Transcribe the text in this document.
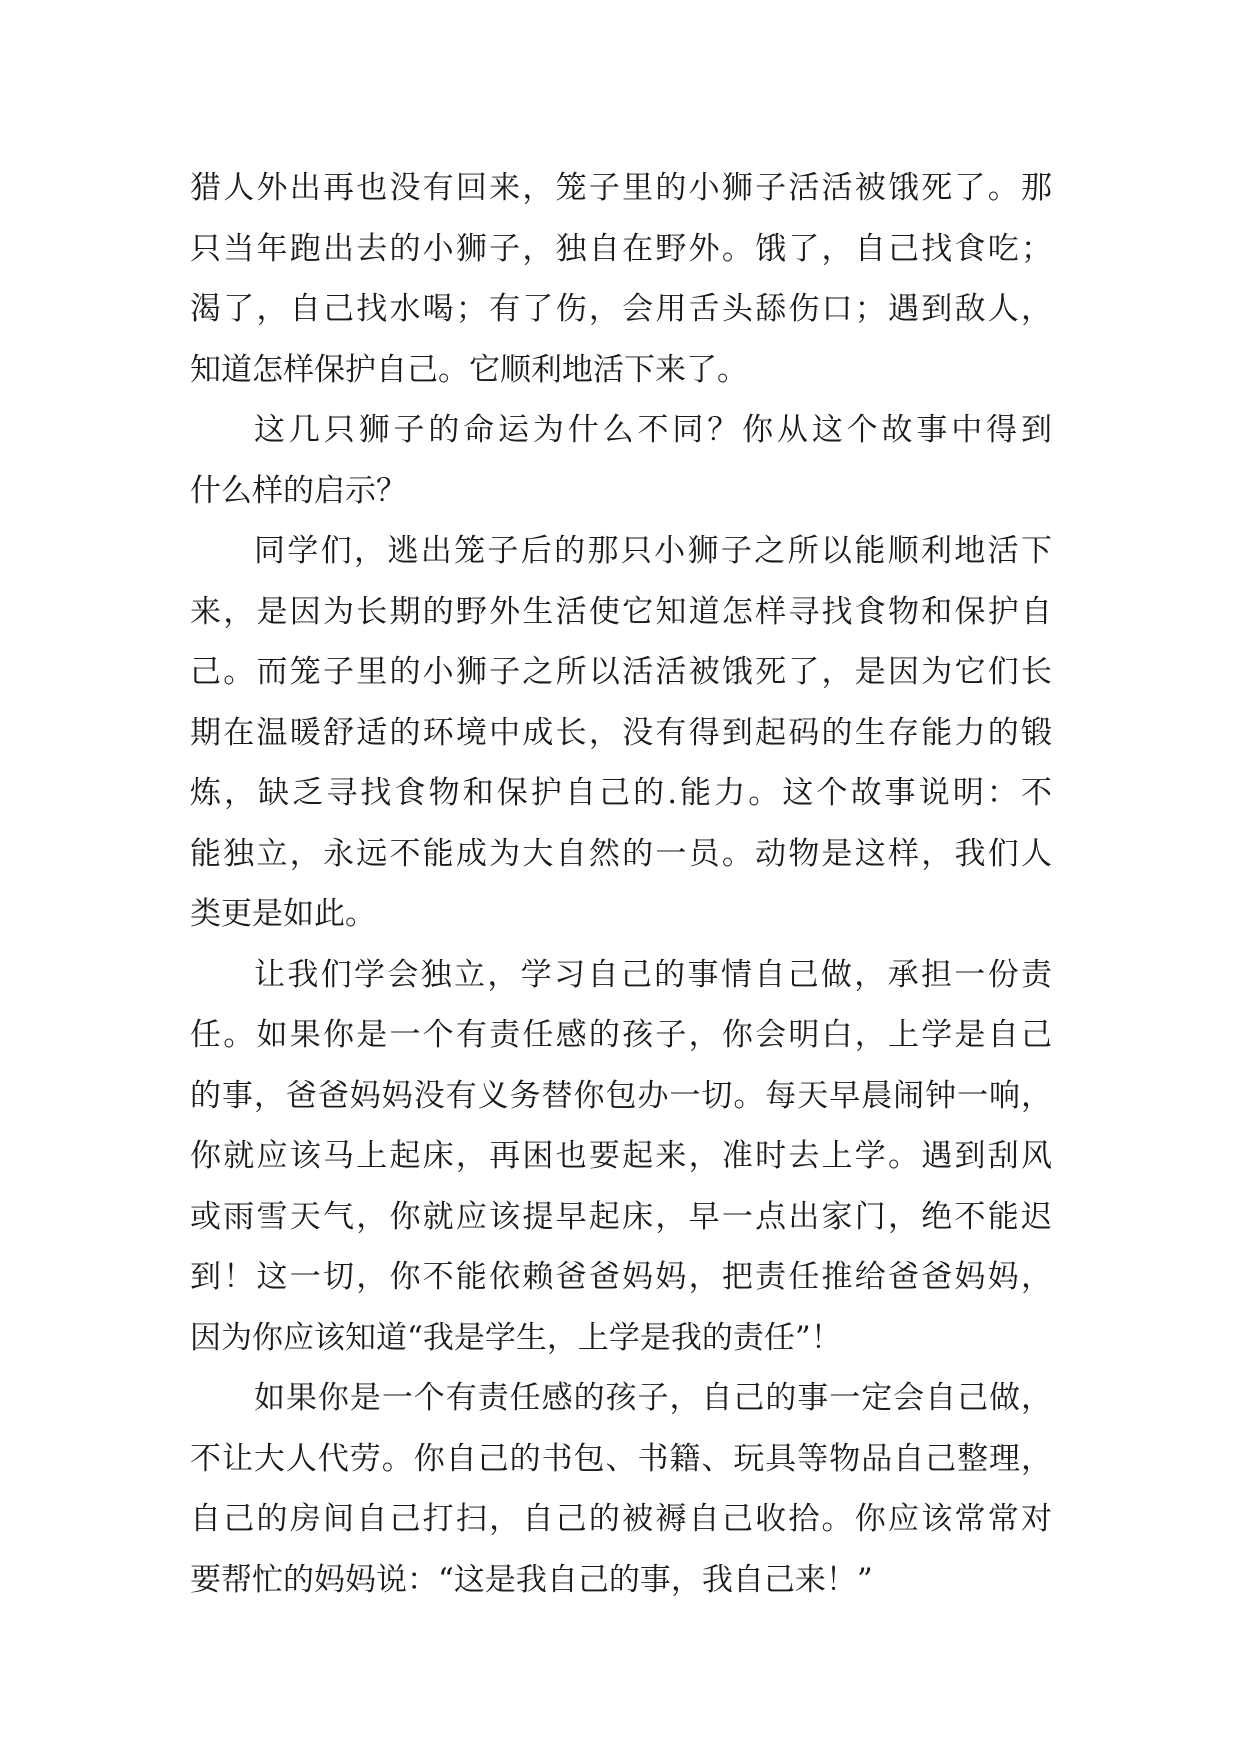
猎人外出再也没有回来，笼子里的小狮子活活被饿死了。那
只当年跑出去的小狮子，独自在野外。饿了，自己找食吃；
渴了，自己找水喝；有了伤，会用舌头舔伤口；遇到敌人，
知道怎样保护自己。它顺利地活下来了。
这几只狮子的命运为什么不同？你从这个故事中得到
什么样的启示？
同学们，逃出笼子后的那只小狮子之所以能顺利地活下
来，是因为长期的野外生活使它知道怎样寻找食物和保护自
己。而笼子里的小狮子之所以活活被饿死了，是因为它们长
期在温暖舒适的环境中成长，没有得到起码的生存能力的锻
炼，缺乏寻找食物和保护自己的.能力。这个故事说明：不
能独立，永远不能成为大自然的一员。动物是这样，我们人
类更是如此。
让我们学会独立，学习自己的事情自己做，承担一份责
任。如果你是一个有责任感的孩子，你会明白，上学是自己
的事，爸爸妈妈没有义务替你包办一切。每天早晨闹钟一响，
你就应该马上起床，再困也要起来，准时去上学。遇到刮风
或雨雪天气，你就应该提早起床，早一点出家门，绝不能迟
到！这一切，你不能依赖爸爸妈妈，把责任推给爸爸妈妈，
因为你应该知道“我是学生，上学是我的责任”！
如果你是一个有责任感的孩子，自己的事一定会自己做，
不让大人代劳。你自己的书包、书籍、玩具等物品自己整理，
自己的房间自己打扫，自己的被褥自己收拾。你应该常常对
要帮忙的妈妈说：“这是我自己的事，我自己来！”
